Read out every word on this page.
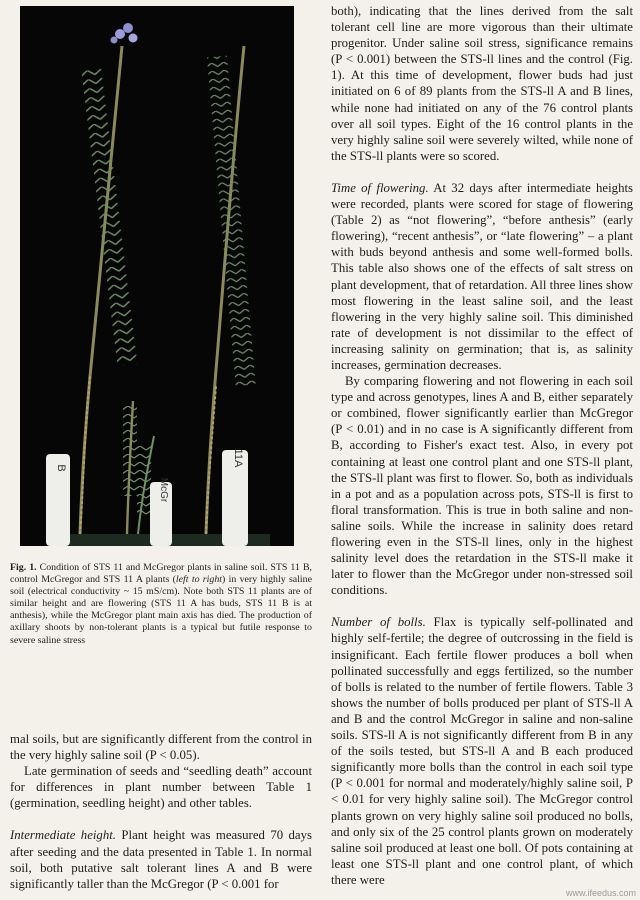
B
McGr
11A
Fig. 1. Condition of STS 11 and McGregor plants in saline soil. STS 11 B, control McGregor and STS 11 A plants (left to right) in very highly saline soil (electrical conductivity ~ 15 mS/cm). Note both STS 11 plants are of similar height and are flowering (STS 11 A has buds, STS 11 B is at anthesis), while the McGregor plant main axis has died. The production of axillary shoots by non-tolerant plants is a typical but futile response to severe saline stress

mal soils, but are significantly different from the control in the very highly saline soil (P < 0.05).

Late germination of seeds and “seedling death” account for differences in plant number between Table 1 (germination, seedling height) and other tables.

Intermediate height. Plant height was measured 70 days after seeding and the data presented in Table 1. In normal soil, both putative salt tolerant lines A and B were significantly taller than the McGregor (P < 0.001 for

both), indicating that the lines derived from the salt tolerant cell line are more vigorous than their ultimate progenitor. Under saline soil stress, significance remains (P < 0.001) between the STS-ll lines and the control (Fig. 1). At this time of development, flower buds had just initiated on 6 of 89 plants from the STS-ll A and B lines, while none had initiated on any of the 76 control plants over all soil types. Eight of the 16 control plants in the very highly saline soil were severely wilted, while none of the STS-ll plants were so scored.

Time of flowering. At 32 days after intermediate heights were recorded, plants were scored for stage of flowering (Table 2) as “not flowering”, “before anthesis” (early flowering), “recent anthesis”, or “late flowering” – a plant with buds beyond anthesis and some well-formed bolls. This table also shows one of the effects of salt stress on plant development, that of retardation. All three lines show most flowering in the least saline soil, and the least flowering in the very highly saline soil. This diminished rate of development is not dissimilar to the effect of increasing salinity on germination; that is, as salinity increases, germination decreases.

By comparing flowering and not flowering in each soil type and across genotypes, lines A and B, either separately or combined, flower significantly earlier than McGregor (P < 0.01) and in no case is A significantly different from B, according to Fisher's exact test. Also, in every pot containing at least one control plant and one STS-ll plant, the STS-ll plant was first to flower. So, both as individuals in a pot and as a population across pots, STS-ll is first to floral transformation. This is true in both saline and non-saline soils. While the increase in salinity does retard flowering even in the STS-ll lines, only in the highest salinity level does the retardation in the STS-ll make it later to flower than the McGregor under non-stressed soil conditions.

Number of bolls. Flax is typically self-pollinated and highly self-fertile; the degree of outcrossing in the field is insignificant. Each fertile flower produces a boll when pollinated successfully and eggs fertilized, so the number of bolls is related to the number of fertile flowers. Table 3 shows the number of bolls produced per plant of STS-ll A and B and the control McGregor in saline and non-saline soils. STS-ll A is not significantly different from B in any of the soils tested, but STS-ll A and B each produced significantly more bolls than the control in each soil type (P < 0.001 for normal and moderately/highly saline soil, P < 0.01 for very highly saline soil). The McGregor control plants grown on very highly saline soil produced no bolls, and only six of the 25 control plants grown on moderately saline soil produced at least one boll. Of pots containing at least one STS-ll plant and one control plant, of which there were

www.ifeedus.com
